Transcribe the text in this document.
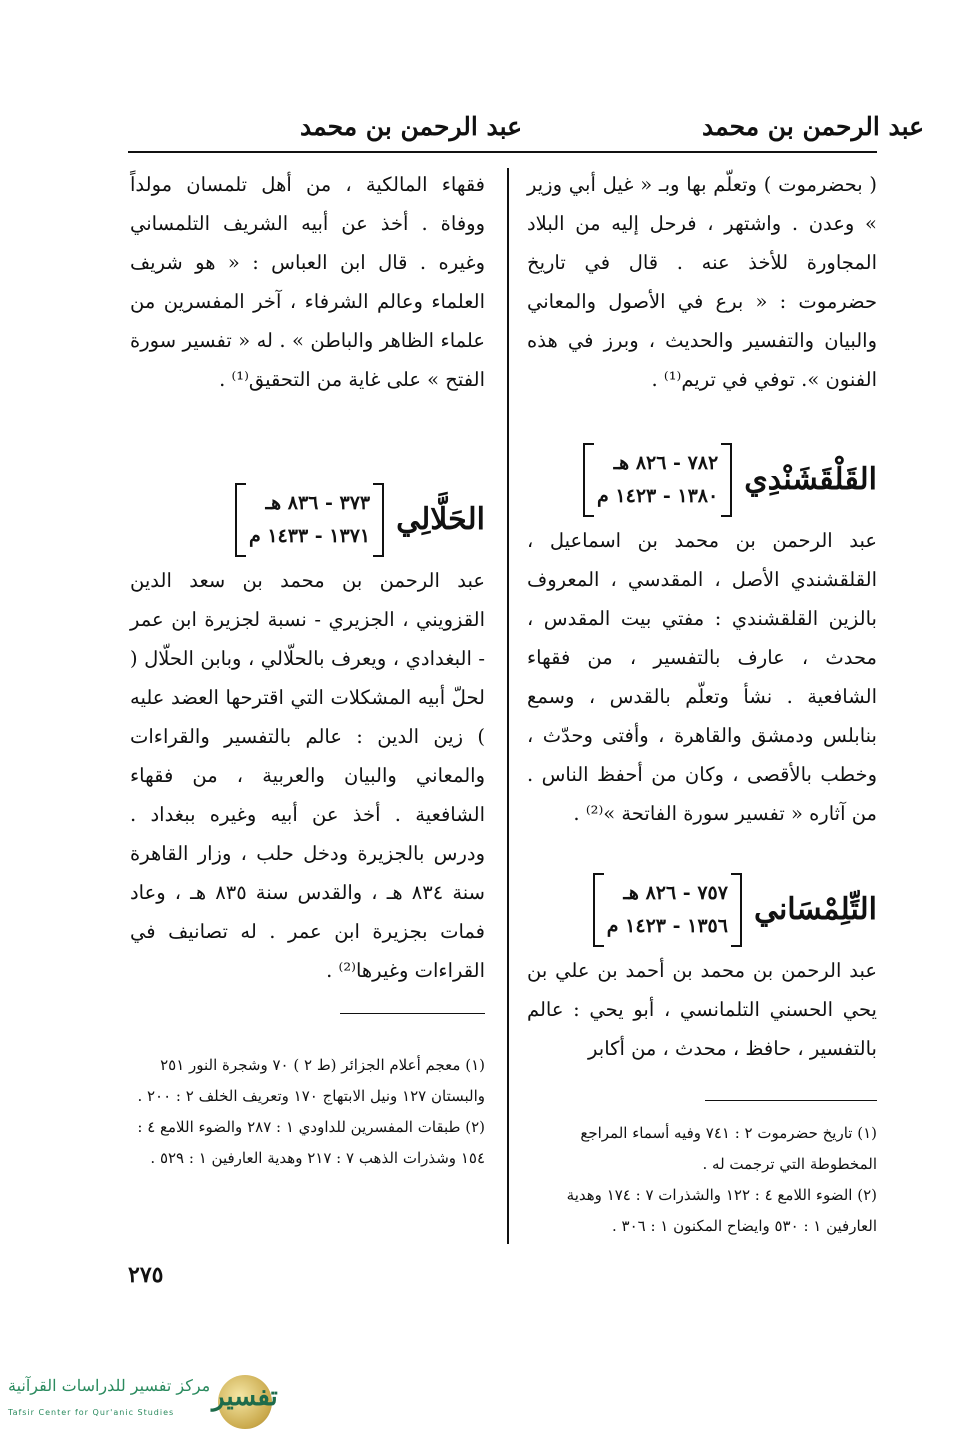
عبد الرحمن بن محمد	عبد الرحمن بن محمد
( بحضرموت ) وتعلّم بها وبـ « غيل أبي وزير » وعدن . واشتهر ، فرحل إليه من البلاد المجاورة للأخذ عنه . قال في تاريخ حضرموت : « برع في الأصول والمعاني والبيان والتفسير والحديث ، وبرز في هذه الفنون ». توفي في تريم⁽¹⁾ .
القَلْقَشَنْدِي
٧٨٢ - ٨٢٦ هـ
١٣٨٠ - ١٤٢٣ م
عبد الرحمن بن محمد بن اسماعيل ، القلقشندي الأصل ، المقدسي ، المعروف بالزين القلقشندي : مفتي بيت المقدس ، محدث ، عارف بالتفسير ، من فقهاء الشافعية . نشأ وتعلّم بالقدس ، وسمع بنابلس ودمشق والقاهرة ، وأفتى وحدّث ، وخطب بالأقصى ، وكان من أحفظ الناس . من آثاره « تفسير سورة الفاتحة »⁽²⁾ .
التِّلِمْسَاني
٧٥٧ - ٨٢٦ هـ
١٣٥٦ - ١٤٢٣ م
عبد الرحمن بن محمد بن أحمد بن علي بن يحي الحسني التلمانسي ، أبو يحي : عالم بالتفسير ، حافظ ، محدث ، من أكابر

(١) تاريخ حضرموت ٢ : ٧٤١ وفيه أسماء المراجع المخطوطة التي ترجمت له .

(٢) الضوء اللامع ٤ : ١٢٢ والشذرات ٧ : ١٧٤ وهدية العارفين ١ : ٥٣٠ وايضاح المكنون ١ : ٣٠٦ .

فقهاء المالكية ، من أهل تلمسان مولداً ووفاة . أخذ عن أبيه الشريف التلمساني وغيره . قال ابن العباس : « هو شريف العلماء وعالم الشرفاء ، آخر المفسرين من علماء الظاهر والباطن » . له « تفسير سورة الفتح » على غاية من التحقيق⁽¹⁾ .
الحَلَّالِي
٣٧٣ - ٨٣٦ هـ
١٣٧١ - ١٤٣٣ م
عبد الرحمن بن محمد بن سعد الدين القزويني ، الجزيري - نسبة لجزيرة ابن عمر - البغدادي ، ويعرف بالحلّالي ، وبابن الحلّال ( لحلّ أبيه المشكلات التي اقترحها العضد عليه ) زين الدين : عالم بالتفسير والقراءات والمعاني والبيان والعربية ، من فقهاء الشافعية . أخذ عن أبيه وغيره ببغداد . ودرس بالجزيرة ودخل حلب ، وزار القاهرة سنة ٨٣٤ هـ ، والقدس سنة ٨٣٥ هـ ، وعاد فمات بجزيرة ابن عمر . له تصانيف في القراءات وغيرها⁽²⁾ .

(١) معجم أعلام الجزائر (ط ٢ ) ٧٠ وشجرة النور ٢٥١ والبستان ١٢٧ ونيل الابتهاج ١٧٠ وتعريف الخلف ٢ : ٢٠٠ .

(٢) طبقات المفسرين للداودي ١ : ٢٨٧ والضوء اللامع ٤ : ١٥٤ وشذرات الذهب ٧ : ٢١٧ وهدية العارفين ١ : ٥٢٩ .

٢٧٥
تفسير
مركز تفسير للدراسات القرآنية
Tafsir Center for Qur'anic Studies
